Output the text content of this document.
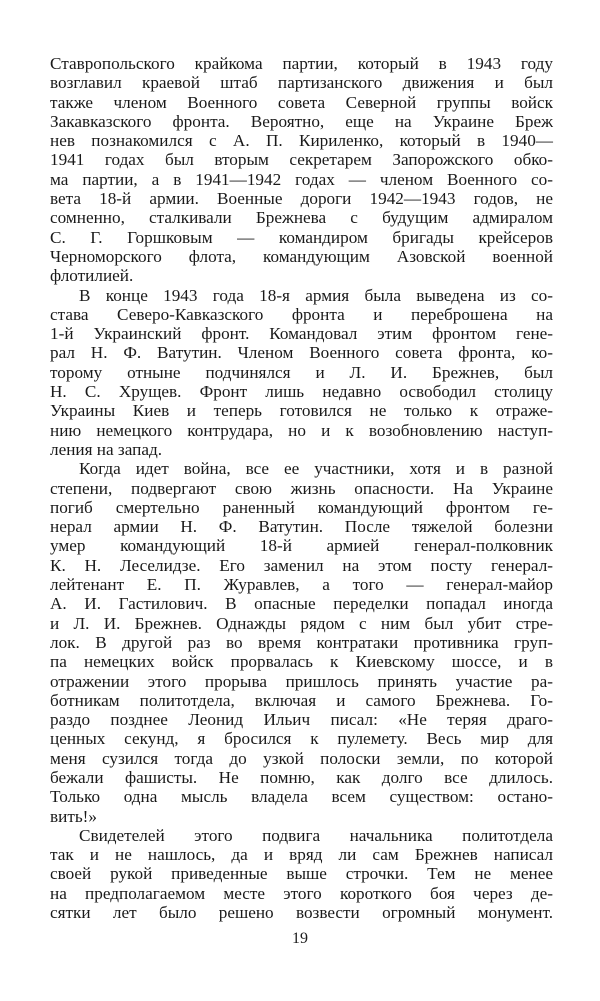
Ставропольского крайкома партии, который в 1943 году
возглавил краевой штаб партизанского движения и был
также членом Военного совета Северной группы войск
Закавказского фронта. Вероятно, еще на Украине Бреж
нев познакомился с А. П. Кириленко, который в 1940—
1941 годах был вторым секретарем Запорожского обко-
ма партии, а в 1941—1942 годах — членом Военного со-
вета 18-й армии. Военные дороги 1942—1943 годов, не
сомненно, сталкивали Брежнева с будущим адмиралом
С. Г. Горшковым — командиром бригады крейсеров
Черноморского флота, командующим Азовской военной
флотилией.
В конце 1943 года 18-я армия была выведена из со-
става Северо-Кавказского фронта и переброшена на
1-й Украинский фронт. Командовал этим фронтом гене-
рал Н. Ф. Ватутин. Членом Военного совета фронта, ко-
торому отныне подчинялся и Л. И. Брежнев, был
Н. С. Хрущев. Фронт лишь недавно освободил столицу
Украины Киев и теперь готовился не только к отраже-
нию немецкого контрудара, но и к возобновлению наступ-
ления на запад.
Когда идет война, все ее участники, хотя и в разной
степени, подвергают свою жизнь опасности. На Украине
погиб смертельно раненный командующий фронтом ге-
нерал армии Н. Ф. Ватутин. После тяжелой болезни
умер командующий 18-й армией генерал-полковник
К. Н. Леселидзе. Его заменил на этом посту генерал-
лейтенант Е. П. Журавлев, а того — генерал-майор
А. И. Гастилович. В опасные переделки попадал иногда
и Л. И. Брежнев. Однажды рядом с ним был убит стре-
лок. В другой раз во время контратаки противника груп-
па немецких войск прорвалась к Киевскому шоссе, и в
отражении этого прорыва пришлось принять участие ра-
ботникам политотдела, включая и самого Брежнева. Го-
раздо позднее Леонид Ильич писал: «Не теряя драго-
ценных секунд, я бросился к пулемету. Весь мир для
меня сузился тогда до узкой полоски земли, по которой
бежали фашисты. Не помню, как долго все длилось.
Только одна мысль владела всем существом: остано-
вить!»
Свидетелей этого подвига начальника политотдела
так и не нашлось, да и вряд ли сам Брежнев написал
своей рукой приведенные выше строчки. Тем не менее
на предполагаемом месте этого короткого боя через де-
сятки лет было решено возвести огромный монумент.
19
